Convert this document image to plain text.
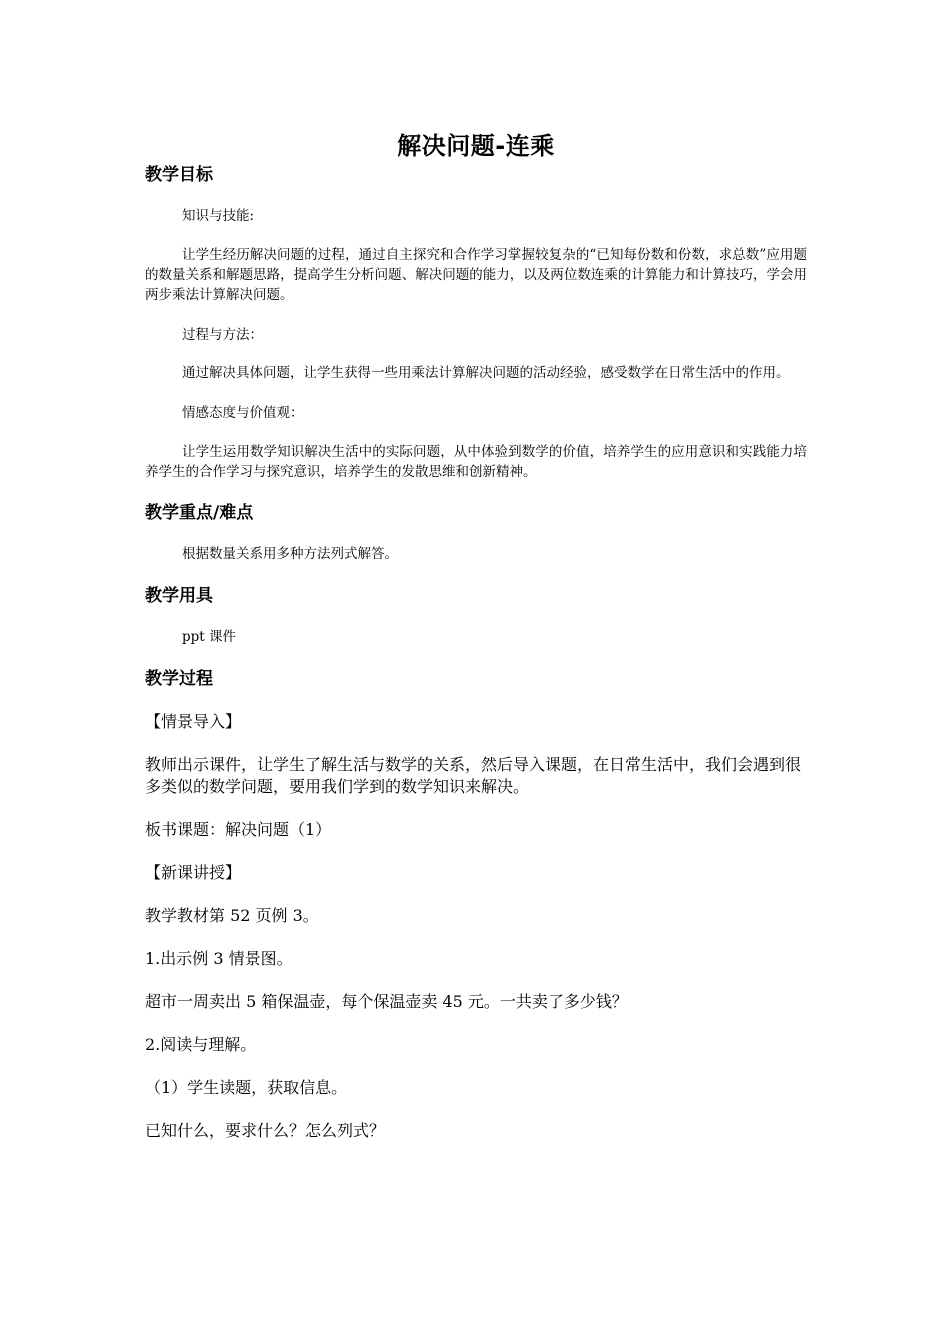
解决问题-连乘
教学目标

知识与技能:

让学生经历解决问题的过程，通过自主探究和合作学习掌握较复杂的“已知每份数和份数，求总数”应用题的数量关系和解题思路，提高学生分析问题、解决问题的能力，以及两位数连乘的计算能力和计算技巧，学会用两步乘法计算解决问题。

过程与方法：

通过解决具体问题，让学生获得一些用乘法计算解决问题的活动经验，感受数学在日常生活中的作用。

情感态度与价值观：

让学生运用数学知识解决生活中的实际问题，从中体验到数学的价值，培养学生的应用意识和实践能力培养学生的合作学习与探究意识，培养学生的发散思维和创新精神。

教学重点/难点

根据数量关系用多种方法列式解答。

教学用具

ppt 课件

教学过程

【情景导入】

教师出示课件，让学生了解生活与数学的关系，然后导入课题，在日常生活中，我们会遇到很多类似的数学问题，要用我们学到的数学知识来解决。

板书课题：解决问题（1）

【新课讲授】

教学教材第 52 页例 3。

1.出示例 3 情景图。

超市一周卖出 5 箱保温壶，每个保温壶卖 45 元。一共卖了多少钱？

2.阅读与理解。

（1）学生读题，获取信息。

已知什么，要求什么？怎么列式？
